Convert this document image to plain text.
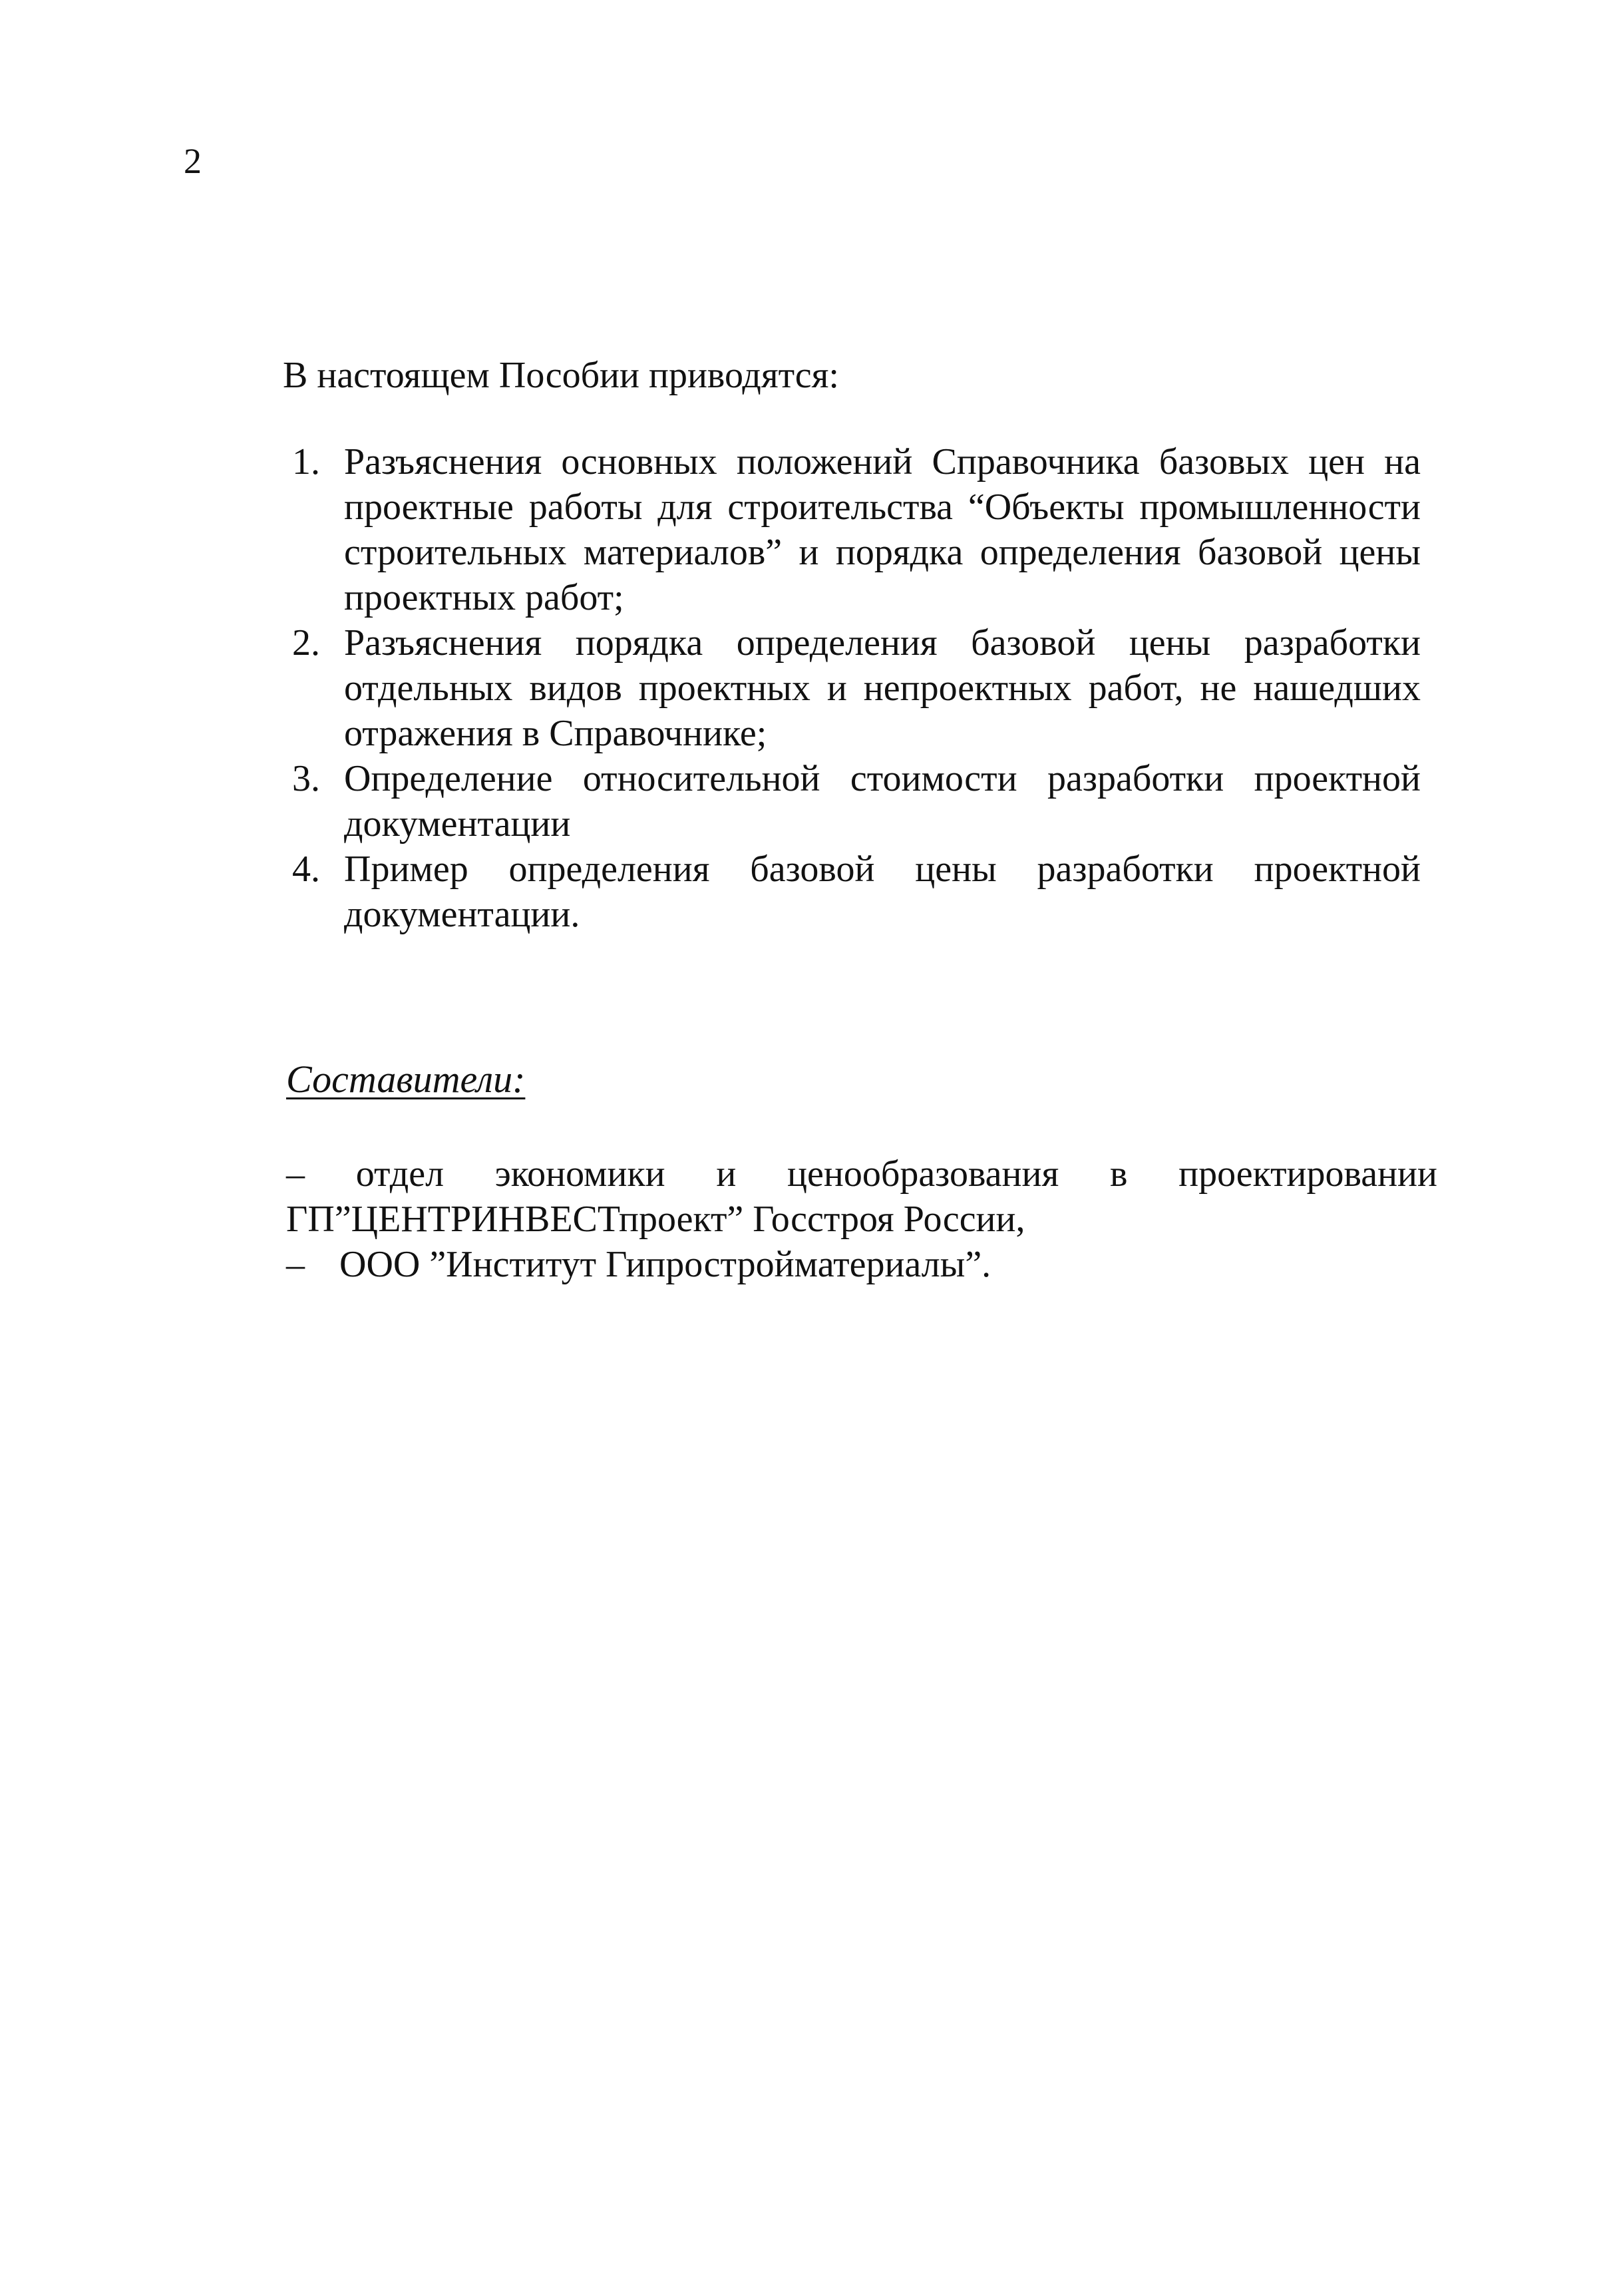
2
В настоящем Пособии приводятся:
1. Разъяснения основных положений Справочника базовых цен на проектные работы для строительства “Объекты промышленности строительных материалов” и порядка определения базовой цены проектных работ;
2. Разъяснения порядка определения базовой цены разработки отдельных видов проектных и непроектных работ, не нашедших отражения в Справочнике;
3. Определение относительной стоимости разработки проектной документации
4. Пример определения базовой цены разработки проектной документации.
Составители:
– отдел экономики и ценообразования в проектировании
ГП”ЦЕНТРИНВЕСТпроект” Госстроя России,
– ООО ”Институт Гипростройматериалы”.
